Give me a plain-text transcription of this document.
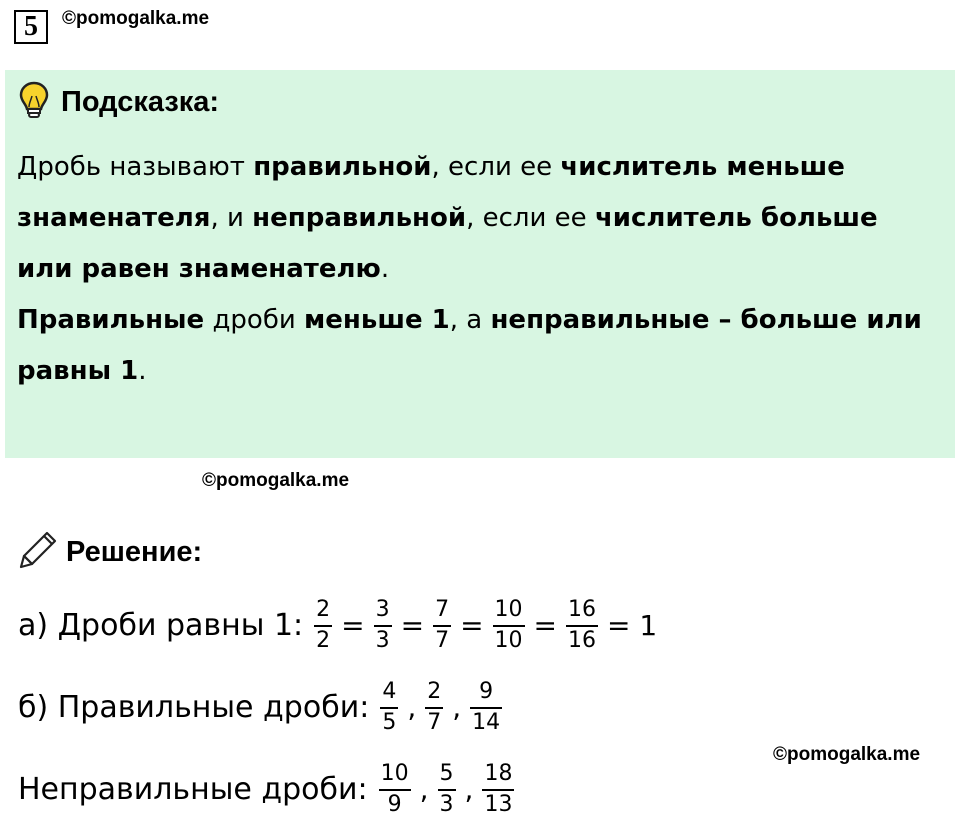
5	©pomogalka.me
Подсказка:
Дробь называют правильной, если ее числитель меньше знаменателя, и неправильной, если ее числитель больше или равен знаменателю.
Правильные дроби меньше 1, а неправильные – больше или равны 1.
©pomogalka.me
Решение:
а) Дроби равны 1: $\frac{2}{2} = \frac{3}{3} = \frac{7}{7} = \frac{10}{10} = \frac{16}{16} = 1$
б) Правильные дроби: $\frac{4}{5}$ , $\frac{2}{7}$ , $\frac{9}{14}$
Неправильные дроби: $\frac{10}{9}$ , $\frac{5}{3}$ , $\frac{18}{13}$
©pomogalka.me
